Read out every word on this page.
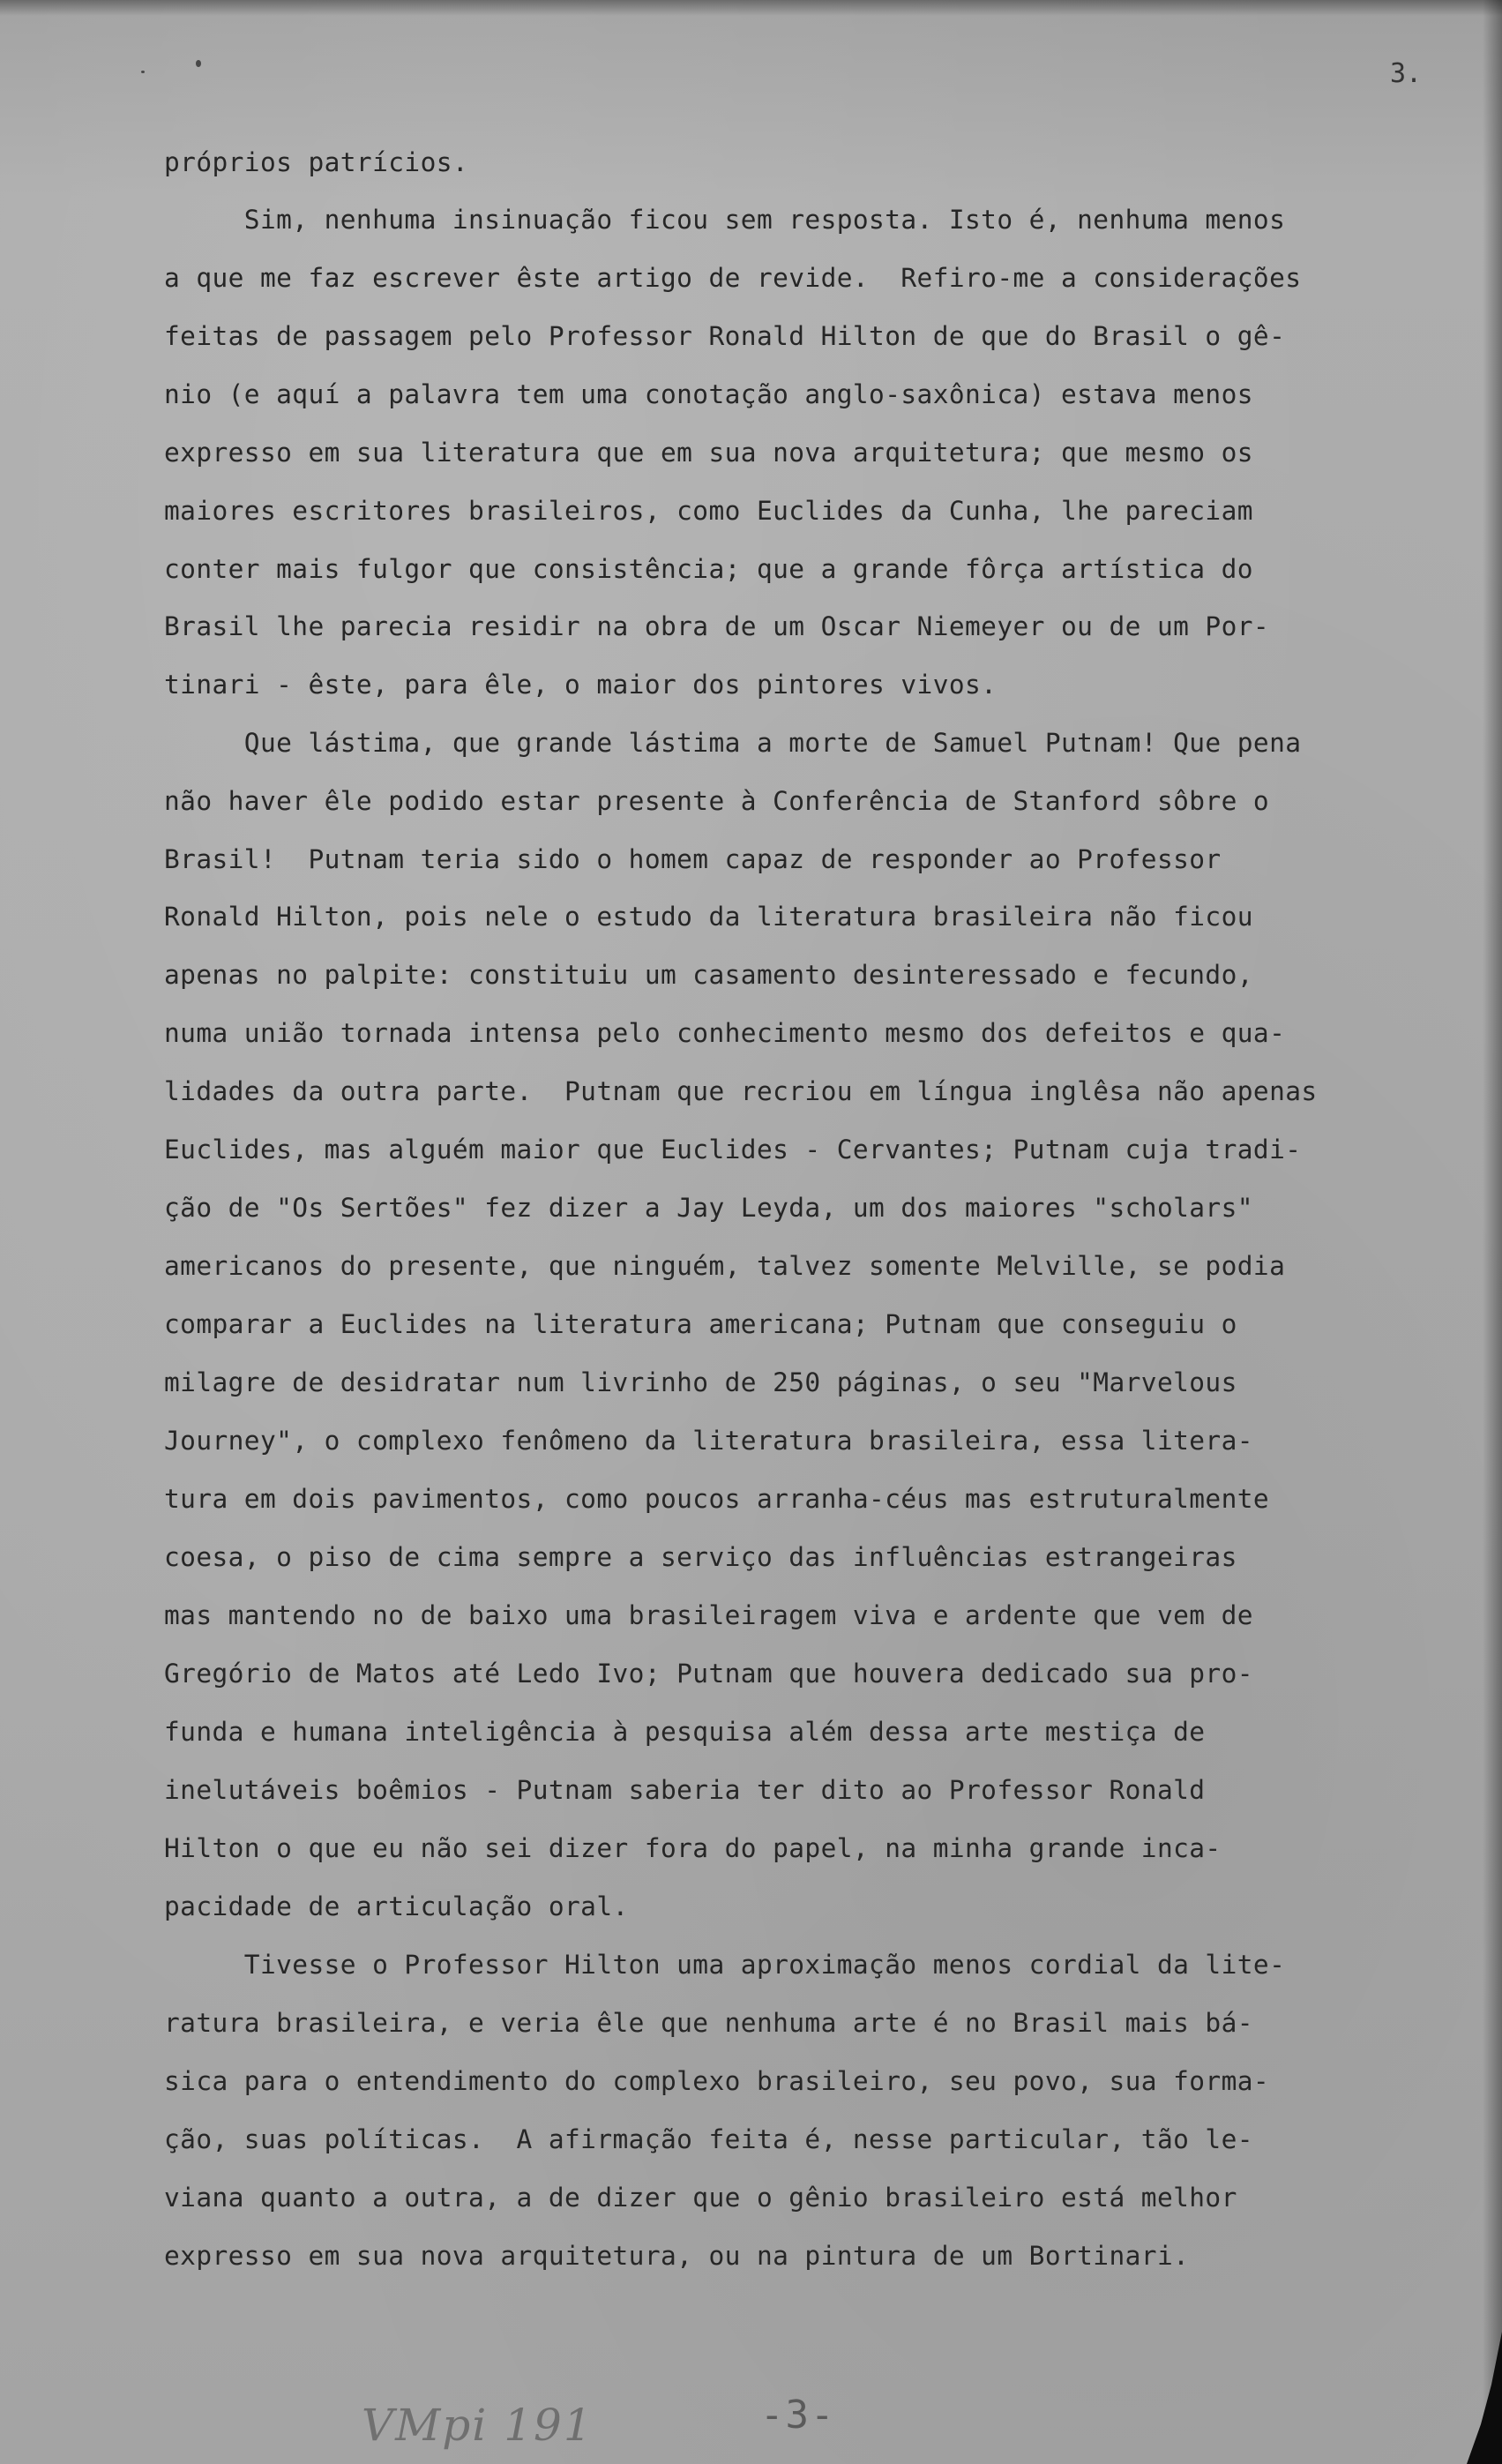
3.
próprios patrícios.
Sim, nenhuma insinuação ficou sem resposta. Isto é, nenhuma menos
a que me faz escrever êste artigo de revide.  Refiro-me a considerações
feitas de passagem pelo Professor Ronald Hilton de que do Brasil o gê-
nio (e aquí a palavra tem uma conotação anglo-saxônica) estava menos
expresso em sua literatura que em sua nova arquitetura; que mesmo os
maiores escritores brasileiros, como Euclides da Cunha, lhe pareciam
conter mais fulgor que consistência; que a grande fôrça artística do
Brasil lhe parecia residir na obra de um Oscar Niemeyer ou de um Por-
tinari - êste, para êle, o maior dos pintores vivos.
Que lástima, que grande lástima a morte de Samuel Putnam! Que pena
não haver êle podido estar presente à Conferência de Stanford sôbre o
Brasil!  Putnam teria sido o homem capaz de responder ao Professor
Ronald Hilton, pois nele o estudo da literatura brasileira não ficou
apenas no palpite: constituiu um casamento desinteressado e fecundo,
numa união tornada intensa pelo conhecimento mesmo dos defeitos e qua-
lidades da outra parte.  Putnam que recriou em língua inglêsa não apenas
Euclides, mas alguém maior que Euclides - Cervantes; Putnam cuja tradi-
ção de "Os Sertões" fez dizer a Jay Leyda, um dos maiores "scholars"
americanos do presente, que ninguém, talvez somente Melville, se podia
comparar a Euclides na literatura americana; Putnam que conseguiu o
milagre de desidratar num livrinho de 250 páginas, o seu "Marvelous
Journey", o complexo fenômeno da literatura brasileira, essa litera-
tura em dois pavimentos, como poucos arranha-céus mas estruturalmente
coesa, o piso de cima sempre a serviço das influências estrangeiras
mas mantendo no de baixo uma brasileiragem viva e ardente que vem de
Gregório de Matos até Ledo Ivo; Putnam que houvera dedicado sua pro-
funda e humana inteligência à pesquisa além dessa arte mestiça de
inelutáveis boêmios - Putnam saberia ter dito ao Professor Ronald
Hilton o que eu não sei dizer fora do papel, na minha grande inca-
pacidade de articulação oral.
Tivesse o Professor Hilton uma aproximação menos cordial da lite-
ratura brasileira, e veria êle que nenhuma arte é no Brasil mais bá-
sica para o entendimento do complexo brasileiro, seu povo, sua forma-
ção, suas políticas.  A afirmação feita é, nesse particular, tão le-
viana quanto a outra, a de dizer que o gênio brasileiro está melhor
expresso em sua nova arquitetura, ou na pintura de um Bortinari.
VMpi 191	-3-
